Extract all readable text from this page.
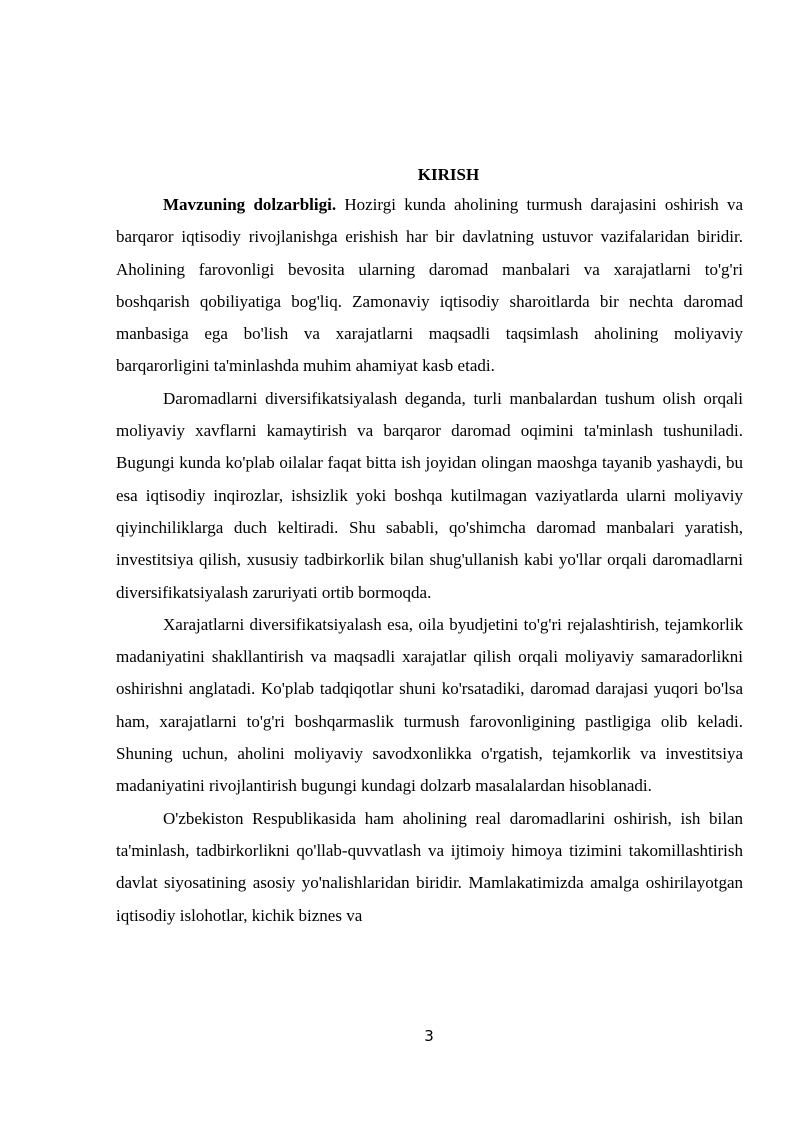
KIRISH

Mavzuning dolzarbligi. Hozirgi kunda aholining turmush darajasini oshirish va barqaror iqtisodiy rivojlanishga erishish har bir davlatning ustuvor vazifalaridan biridir. Aholining farovonligi bevosita ularning daromad manbalari va xarajatlarni to'g'ri boshqarish qobiliyatiga bog'liq. Zamonaviy iqtisodiy sharoitlarda bir nechta daromad manbasiga ega bo'lish va xarajatlarni maqsadli taqsimlash aholining moliyaviy barqarorligini ta'minlashda muhim ahamiyat kasb etadi.

Daromadlarni diversifikatsiyalash deganda, turli manbalardan tushum olish orqali moliyaviy xavflarni kamaytirish va barqaror daromad oqimini ta'minlash tushuniladi. Bugungi kunda ko'plab oilalar faqat bitta ish joyidan olingan maoshga tayanib yashaydi, bu esa iqtisodiy inqirozlar, ishsizlik yoki boshqa kutilmagan vaziyatlarda ularni moliyaviy qiyinchiliklarga duch keltiradi. Shu sababli, qo'shimcha daromad manbalari yaratish, investitsiya qilish, xususiy tadbirkorlik bilan shug'ullanish kabi yo'llar orqali daromadlarni diversifikatsiyalash zaruriyati ortib bormoqda.

Xarajatlarni diversifikatsiyalash esa, oila byudjetini to'g'ri rejalashtirish, tejamkorlik madaniyatini shakllantirish va maqsadli xarajatlar qilish orqali moliyaviy samaradorlikni oshirishni anglatadi. Ko'plab tadqiqotlar shuni ko'rsatadiki, daromad darajasi yuqori bo'lsa ham, xarajatlarni to'g'ri boshqarmaslik turmush farovonligining pastligiga olib keladi. Shuning uchun, aholini moliyaviy savodxonlikka o'rgatish, tejamkorlik va investitsiya madaniyatini rivojlantirish bugungi kundagi dolzarb masalalardan hisoblanadi.

O'zbekiston Respublikasida ham aholining real daromadlarini oshirish, ish bilan ta'minlash, tadbirkorlikni qo'llab-quvvatlash va ijtimoiy himoya tizimini takomillashtirish davlat siyosatining asosiy yo'nalishlaridan biridir. Mamlakatimizda amalga oshirilayotgan iqtisodiy islohotlar, kichik biznes va

3
